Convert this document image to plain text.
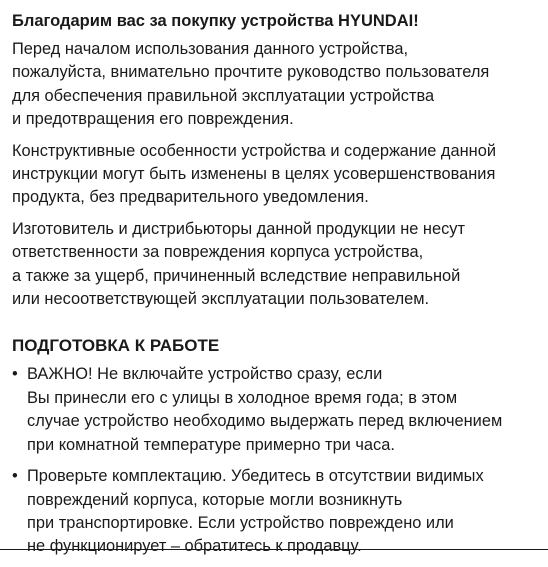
Благодарим вас за покупку устройства HYUNDAI!
Перед началом использования данного устройства,
пожалуйста, внимательно прочтите руководство пользователя
для обеспечения правильной эксплуатации устройства
и предотвращения его повреждения.
Конструктивные особенности устройства и содержание данной
инструкции могут быть изменены в целях усовершенствования
продукта, без предварительного уведомления.
Изготовитель и дистрибьюторы данной продукции не несут
ответственности за повреждения корпуса устройства,
а также за ущерб, причиненный вследствие неправильной
или несоответствующей эксплуатации пользователем.
ПОДГОТОВКА К РАБОТЕ
• ВАЖНО! Не включайте устройство сразу, если
Вы принесли его с улицы в холодное время года; в этом
случае устройство необходимо выдержать перед включением
при комнатной температуре примерно три часа.
• Проверьте комплектацию. Убедитесь в отсутствии видимых
повреждений корпуса, которые могли возникнуть
при транспортировке. Если устройство повреждено или
не функционирует – обратитесь к продавцу.
